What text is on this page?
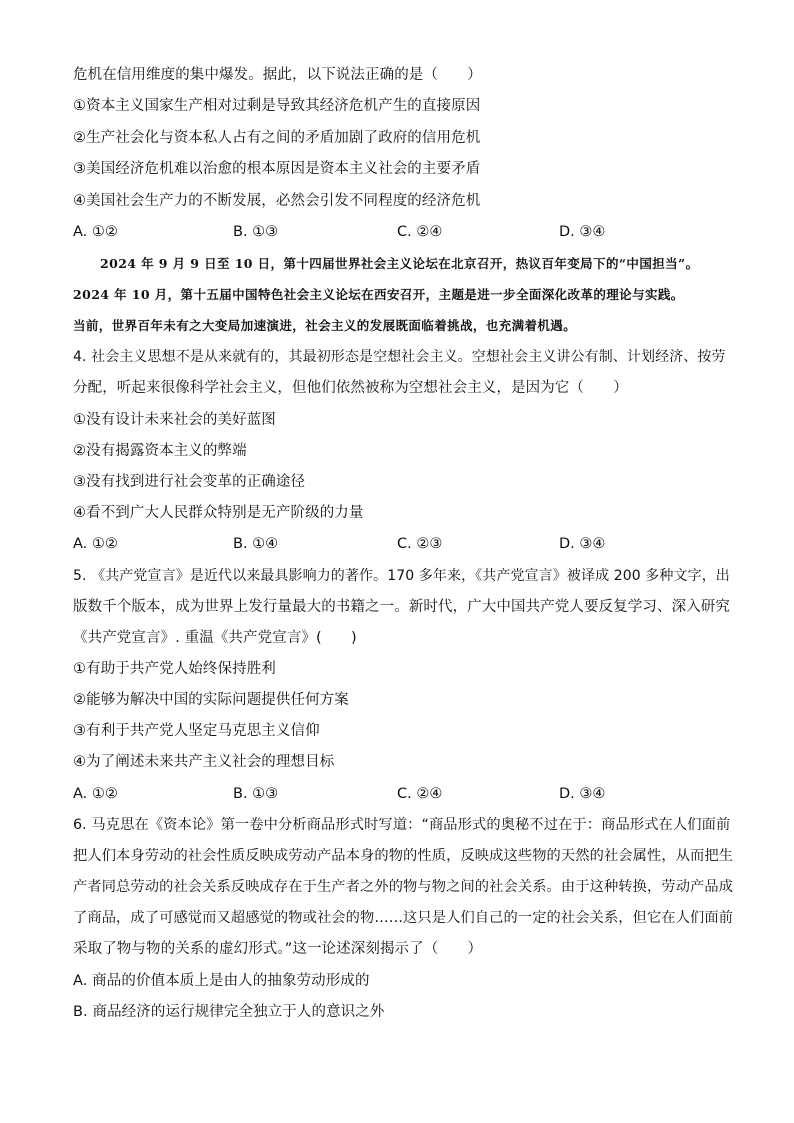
危机在信用维度的集中爆发。据此，以下说法正确的是（　　）
①资本主义国家生产相对过剩是导致其经济危机产生的直接原因
②生产社会化与资本私人占有之间的矛盾加剧了政府的信用危机
③美国经济危机难以治愈的根本原因是资本主义社会的主要矛盾
④美国社会生产力的不断发展，必然会引发不同程度的经济危机
A. ①②	B. ①③	C. ②④	D. ③④
2024 年 9 月 9 日至 10 日，第十四届世界社会主义论坛在北京召开，热议百年变局下的“中国担当”。
2024 年 10 月，第十五届中国特色社会主义论坛在西安召开，主题是进一步全面深化改革的理论与实践。
当前，世界百年未有之大变局加速演进，社会主义的发展既面临着挑战，也充满着机遇。
4. 社会主义思想不是从来就有的，其最初形态是空想社会主义。空想社会主义讲公有制、计划经济、按劳
分配，听起来很像科学社会主义，但他们依然被称为空想社会主义，是因为它（　　）
①没有设计未来社会的美好蓝图
②没有揭露资本主义的弊端
③没有找到进行社会变革的正确途径
④看不到广大人民群众特别是无产阶级的力量
A. ①②	B. ①④	C. ②③	D. ③④
5. 《共产党宣言》是近代以来最具影响力的著作。170 多年来，《共产党宣言》被译成 200 多种文字，出
版数千个版本，成为世界上发行量最大的书籍之一。新时代，广大中国共产党人要反复学习、深入研究
《共产党宣言》. 重温《共产党宣言》(　　)
①有助于共产党人始终保持胜利
②能够为解决中国的实际问题提供任何方案
③有利于共产党人坚定马克思主义信仰
④为了阐述未来共产主义社会的理想目标
A. ①②	B. ①③	C. ②④	D. ③④
6. 马克思在《资本论》第一卷中分析商品形式时写道：“商品形式的奥秘不过在于：商品形式在人们面前
把人们本身劳动的社会性质反映成劳动产品本身的物的性质，反映成这些物的天然的社会属性，从而把生
产者同总劳动的社会关系反映成存在于生产者之外的物与物之间的社会关系。由于这种转换，劳动产品成
了商品，成了可感觉而又超感觉的物或社会的物……这只是人们自己的一定的社会关系，但它在人们面前
采取了物与物的关系的虚幻形式。”这一论述深刻揭示了（　　）
A. 商品的价值本质上是由人的抽象劳动形成的
B. 商品经济的运行规律完全独立于人的意识之外
